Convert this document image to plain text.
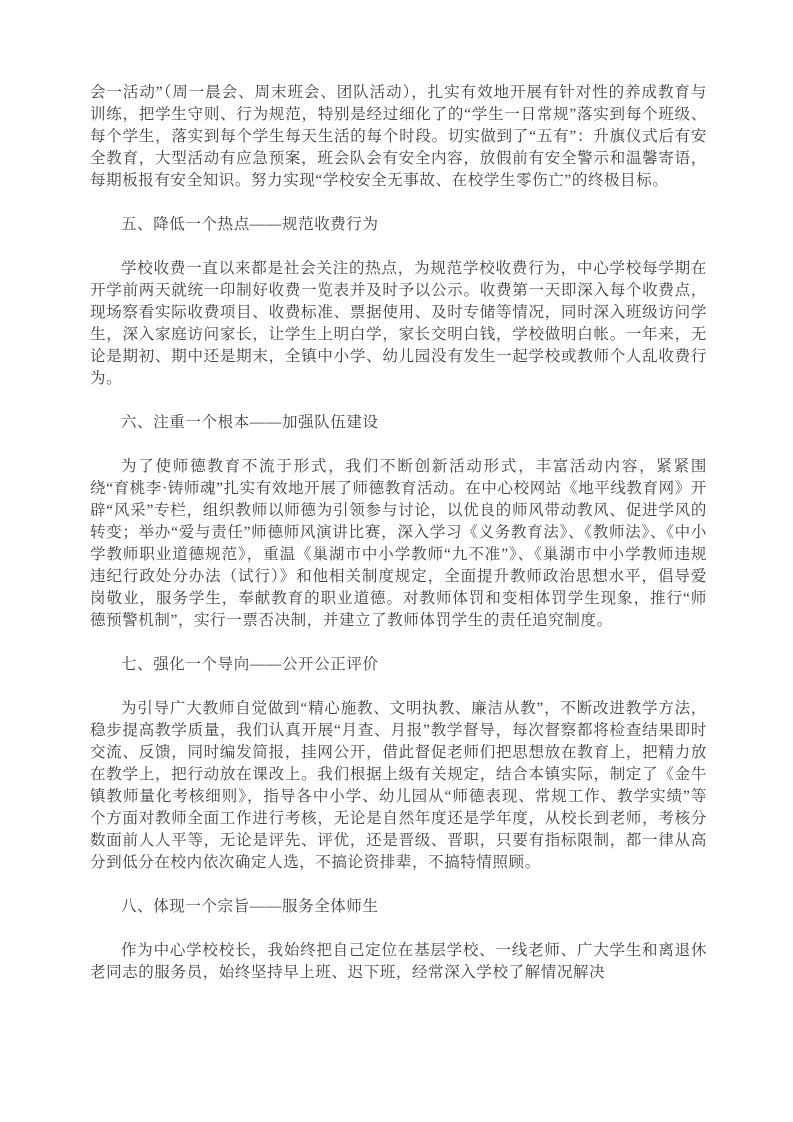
会一活动”（周一晨会、周末班会、团队活动），扎实有效地开展有针对性的养成教育与训练，把学生守则、行为规范，特别是经过细化了的“学生一日常规”落实到每个班级、每个学生，落实到每个学生每天生活的每个时段。切实做到了“五有”：升旗仪式后有安全教育，大型活动有应急预案，班会队会有安全内容，放假前有安全警示和温馨寄语，每期板报有安全知识。努力实现“学校安全无事故、在校学生零伤亡”的终极目标。

五、降低一个热点——规范收费行为

学校收费一直以来都是社会关注的热点，为规范学校收费行为，中心学校每学期在开学前两天就统一印制好收费一览表并及时予以公示。收费第一天即深入每个收费点，现场察看实际收费项目、收费标准、票据使用、及时专储等情况，同时深入班级访问学生，深入家庭访问家长，让学生上明白学，家长交明白钱，学校做明白帐。一年来，无论是期初、期中还是期末，全镇中小学、幼儿园没有发生一起学校或教师个人乱收费行为。

六、注重一个根本——加强队伍建设

为了使师德教育不流于形式，我们不断创新活动形式，丰富活动内容，紧紧围绕“育桃李·铸师魂”扎实有效地开展了师德教育活动。在中心校网站《地平线教育网》开辟“风采”专栏，组织教师以师德为引领参与讨论，以优良的师风带动教风、促进学风的转变；举办“爱与责任”师德师风演讲比赛，深入学习《义务教育法》、《教师法》、《中小学教师职业道德规范》，重温《巢湖市中小学教师“九不准”》、《巢湖市中小学教师违规违纪行政处分办法（试行）》和他相关制度规定，全面提升教师政治思想水平，倡导爱岗敬业，服务学生，奉献教育的职业道德。对教师体罚和变相体罚学生现象，推行“师德预警机制”，实行一票否决制，并建立了教师体罚学生的责任追究制度。

七、强化一个导向——公开公正评价

为引导广大教师自觉做到“精心施教、文明执教、廉洁从教”，不断改进教学方法，稳步提高教学质量，我们认真开展“月查、月报”教学督导，每次督察都将检查结果即时交流、反馈，同时编发简报，挂网公开，借此督促老师们把思想放在教育上，把精力放在教学上，把行动放在课改上。我们根据上级有关规定，结合本镇实际，制定了《金牛镇教师量化考核细则》，指导各中小学、幼儿园从“师德表现、常规工作、教学实绩”等个方面对教师全面工作进行考核，无论是自然年度还是学年度，从校长到老师，考核分数面前人人平等，无论是评先、评优，还是晋级、晋职，只要有指标限制，都一律从高分到低分在校内依次确定人选，不搞论资排辈，不搞特情照顾。

八、体现一个宗旨——服务全体师生

作为中心学校校长，我始终把自己定位在基层学校、一线老师、广大学生和离退休老同志的服务员，始终坚持早上班、迟下班，经常深入学校了解情况解决
